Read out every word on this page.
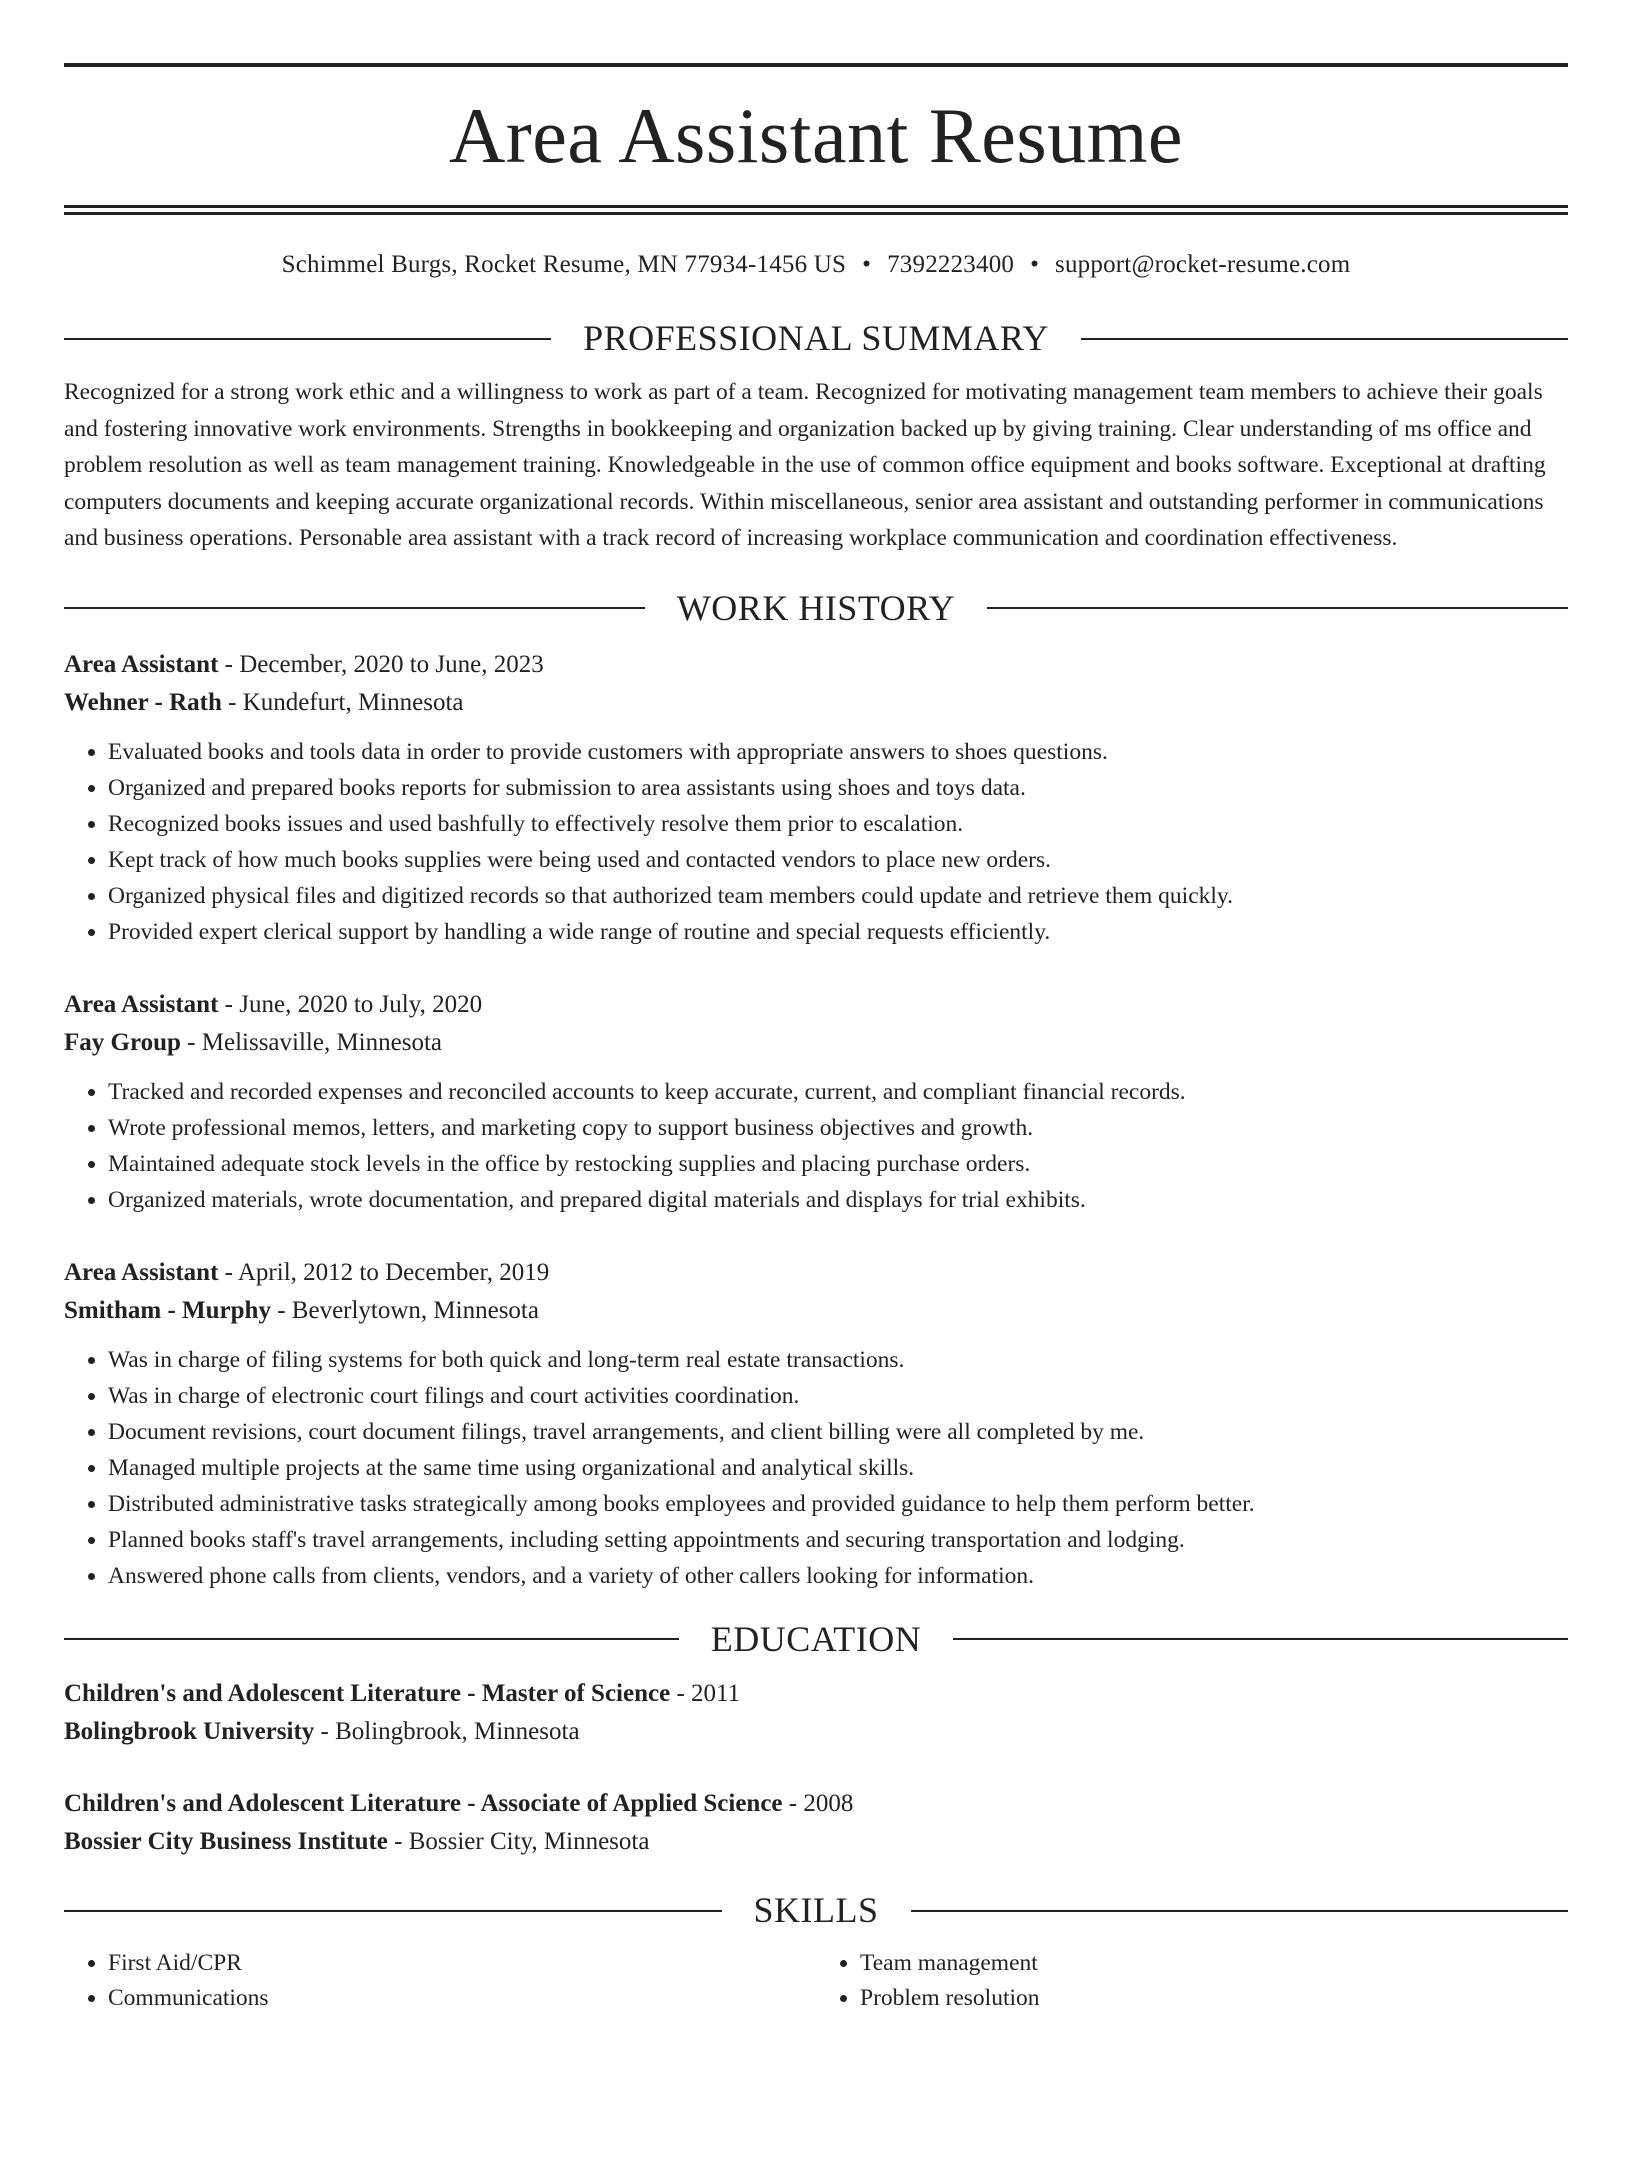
Area Assistant Resume
Schimmel Burgs, Rocket Resume, MN 77934-1456 US • 7392223400 • support@rocket-resume.com
PROFESSIONAL SUMMARY

Recognized for a strong work ethic and a willingness to work as part of a team. Recognized for motivating management team members to achieve their goals and fostering innovative work environments. Strengths in bookkeeping and organization backed up by giving training. Clear understanding of ms office and problem resolution as well as team management training. Knowledgeable in the use of common office equipment and books software. Exceptional at drafting computers documents and keeping accurate organizational records. Within miscellaneous, senior area assistant and outstanding performer in communications and business operations. Personable area assistant with a track record of increasing workplace communication and coordination effectiveness.

WORK HISTORY
Area Assistant - December, 2020 to June, 2023
Wehner - Rath - Kundefurt, Minnesota
• Evaluated books and tools data in order to provide customers with appropriate answers to shoes questions.
• Organized and prepared books reports for submission to area assistants using shoes and toys data.
• Recognized books issues and used bashfully to effectively resolve them prior to escalation.
• Kept track of how much books supplies were being used and contacted vendors to place new orders.
• Organized physical files and digitized records so that authorized team members could update and retrieve them quickly.
• Provided expert clerical support by handling a wide range of routine and special requests efficiently.
Area Assistant - June, 2020 to July, 2020
Fay Group - Melissaville, Minnesota
• Tracked and recorded expenses and reconciled accounts to keep accurate, current, and compliant financial records.
• Wrote professional memos, letters, and marketing copy to support business objectives and growth.
• Maintained adequate stock levels in the office by restocking supplies and placing purchase orders.
• Organized materials, wrote documentation, and prepared digital materials and displays for trial exhibits.
Area Assistant - April, 2012 to December, 2019
Smitham - Murphy - Beverlytown, Minnesota
• Was in charge of filing systems for both quick and long-term real estate transactions.
• Was in charge of electronic court filings and court activities coordination.
• Document revisions, court document filings, travel arrangements, and client billing were all completed by me.
• Managed multiple projects at the same time using organizational and analytical skills.
• Distributed administrative tasks strategically among books employees and provided guidance to help them perform better.
• Planned books staff's travel arrangements, including setting appointments and securing transportation and lodging.
• Answered phone calls from clients, vendors, and a variety of other callers looking for information.
EDUCATION
Children's and Adolescent Literature - Master of Science - 2011
Bolingbrook University - Bolingbrook, Minnesota
Children's and Adolescent Literature - Associate of Applied Science - 2008
Bossier City Business Institute - Bossier City, Minnesota
SKILLS
• First Aid/CPR
• Communications
• Team management
• Problem resolution
